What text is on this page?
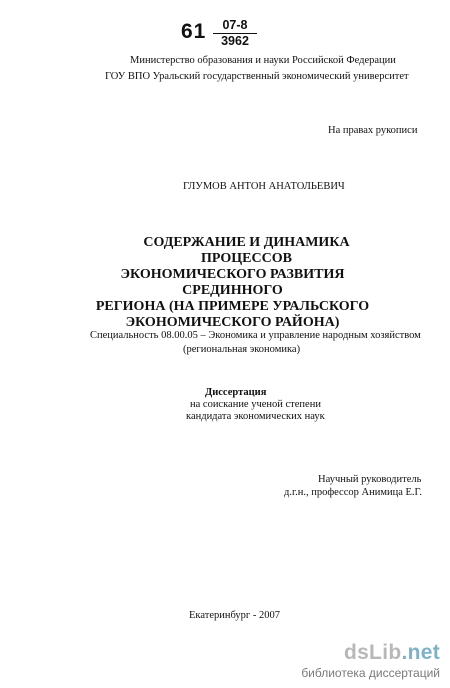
$61 \frac{07-8}{3962}$
Министерство образования и науки Российской Федерации
ГОУ ВПО Уральский государственный экономический университет
На правах рукописи
ГЛУМОВ АНТОН АНАТОЛЬЕВИЧ
СОДЕРЖАНИЕ И ДИНАМИКА ПРОЦЕССОВ
ЭКОНОМИЧЕСКОГО РАЗВИТИЯ СРЕДИННОГО
РЕГИОНА (НА ПРИМЕРЕ УРАЛЬСКОГО
ЭКОНОМИЧЕСКОГО РАЙОНА)
Специальность 08.00.05 – Экономика и управление народным хозяйством
(региональная экономика)
Диссертация
на соискание ученой степени
кандидата экономических наук
Научный руководитель
д.г.н., профессор Анимица Е.Г.
Екатеринбург - 2007
dsLib.net
библиотека диссертаций
